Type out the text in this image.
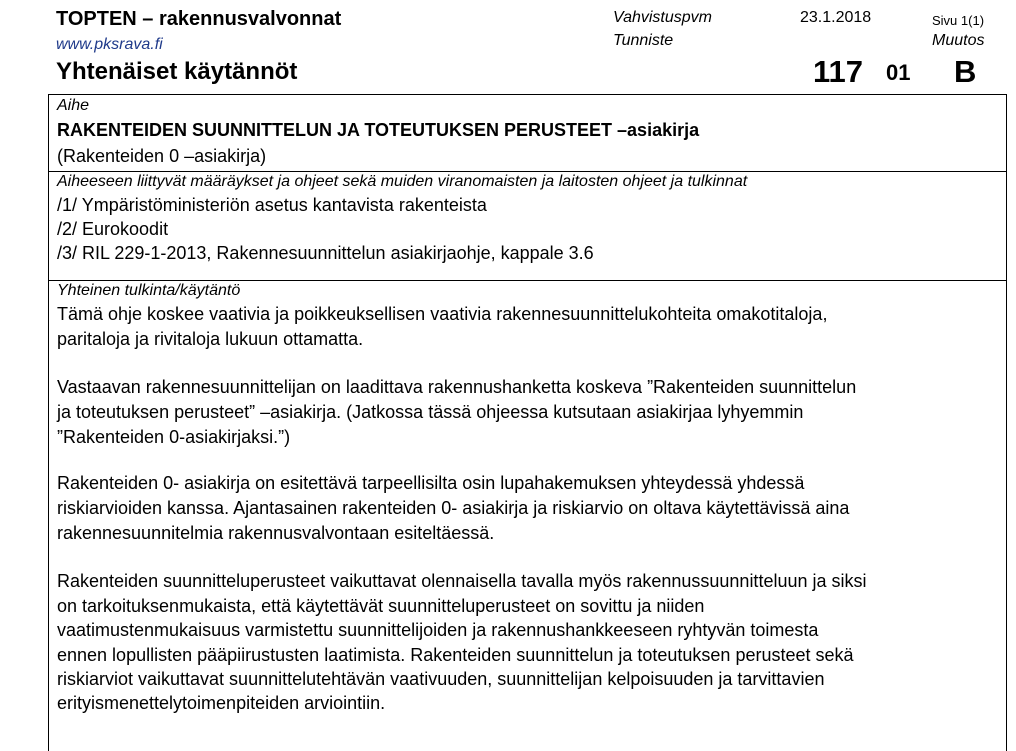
TOPTEN – rakennusvalvonnat
www.pksrava.fi
Yhtenäiset käytännöt
Vahvistuspvm
Tunniste
23.1.2018	Sivu 1(1)
Muutos
117 01 B
Aihe
RAKENTEIDEN SUUNNITTELUN JA TOTEUTUKSEN PERUSTEET –asiakirja
(Rakenteiden 0 –asiakirja)
Aiheeseen liittyvät määräykset ja ohjeet sekä muiden viranomaisten ja laitosten ohjeet ja tulkinnat
/1/ Ympäristöministeriön asetus kantavista rakenteista
/2/ Eurokoodit
/3/ RIL 229-1-2013, Rakennesuunnittelun asiakirjaohje, kappale 3.6
Yhteinen tulkinta/käytäntö
Tämä ohje koskee vaativia ja poikkeuksellisen vaativia rakennesuunnittelukohteita omakotitaloja,
paritaloja ja rivitaloja lukuun ottamatta.
Vastaavan rakennesuunnittelijan on laadittava rakennushanketta koskeva ”Rakenteiden suunnittelun
ja toteutuksen perusteet” –asiakirja. (Jatkossa tässä ohjeessa kutsutaan asiakirjaa lyhyemmin
”Rakenteiden 0-asiakirjaksi.”)
Rakenteiden 0- asiakirja on esitettävä tarpeellisilta osin lupahakemuksen yhteydessä yhdessä
riskiarvioiden kanssa. Ajantasainen rakenteiden 0- asiakirja ja riskiarvio on oltava käytettävissä aina
rakennesuunnitelmia rakennusvalvontaan esiteltäessä.
Rakenteiden suunnitteluperusteet vaikuttavat olennaisella tavalla myös rakennussuunnitteluun ja siksi
on tarkoituksenmukaista, että käytettävät suunnitteluperusteet on sovittu ja niiden
vaatimustenmukaisuus varmistettu suunnittelijoiden ja rakennushankkeeseen ryhtyvän toimesta
ennen lopullisten pääpiirustusten laatimista. Rakenteiden suunnittelun ja toteutuksen perusteet sekä
riskiarviot vaikuttavat suunnittelutehtävän vaativuuden, suunnittelijan kelpoisuuden ja tarvittavien
erityismenettelytoimenpiteiden arviointiin.
